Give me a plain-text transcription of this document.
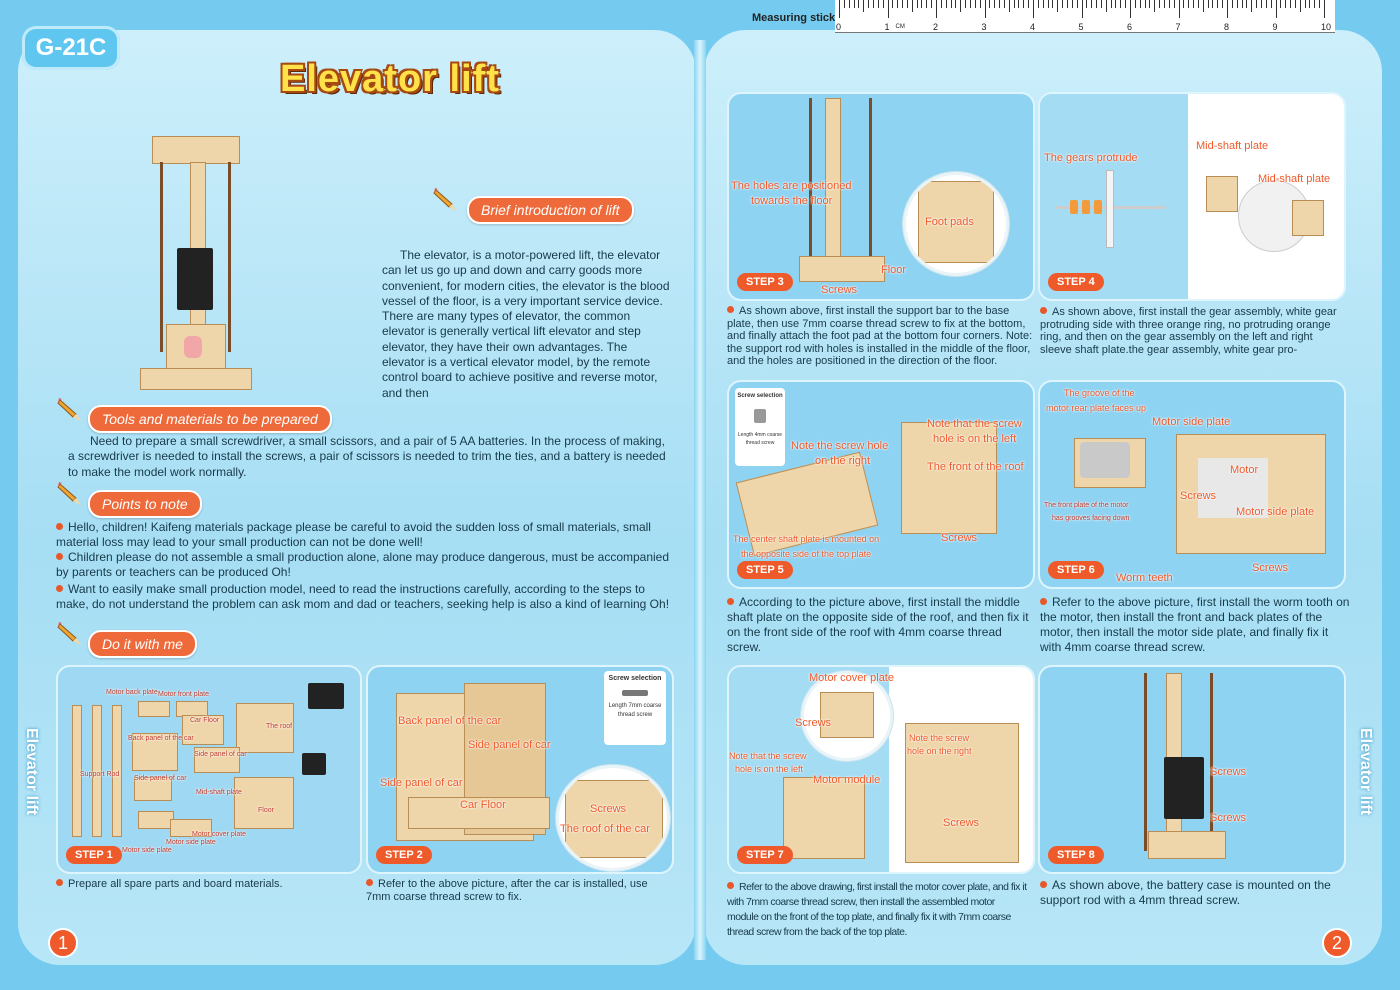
Measuring stick
0	1	2	3	4	5	6	7	8	9	10
CM
G-21C
Elevator lift
Elevator lift	Elevator lift
Brief introduction of lift
The elevator, is a motor-powered lift, the elevator can let us go up and down and carry goods more convenient, for modern cities, the elevator is the blood vessel of the floor, is a very important service device. There are many types of elevator, the common elevator is generally vertical lift elevator and step elevator, they have their own advantages. The elevator is a vertical elevator model, by the remote control board to achieve positive and reverse motor, and then
Tools and materials to be prepared
Need to prepare a small screwdriver, a small scissors, and a pair of 5 AA batteries. In the process of making, a screwdriver is needed to install the screws, a pair of scissors is needed to trim the ties, and a battery is needed to make the model work normally.
Points to note
Hello, children! Kaifeng materials package please be careful to avoid the sudden loss of small materials, small material loss may lead to your small production can not be done well!
Children please do not assemble a small production alone, alone may produce dangerous, must be accompanied by parents or teachers can be produced Oh!
Want to easily make small production model, need to read the instructions carefully, according to the steps to make, do not understand the problem can ask mom and dad or teachers, seeking help is also a kind of learning Oh!
Do it with me
Motor back plate Motor front plate
Car Floor
The roof
Back panel of the car
Side panel of car
Support Rod
Side panel of car
Mid-shaft plate
Floor
Motor cover plate
Motor side plate
Motor side plate
STEP 1
Prepare all spare parts and board materials.
Screw selection
Length 7mm coarse thread screw
Back panel of the car
Side panel of car
Side panel of car
Car Floor	Screws
The roof of the car
STEP 2
Refer to the above picture, after the car is installed, use 7mm coarse thread screw to fix.
The holes are positioned
towards the floor
Foot pads
Floor
Screws
STEP 3
As shown above, first install the support bar to the base plate, then use 7mm coarse thread screw to fix at the bottom, and finally attach the foot pad at the bottom four corners. Note: the support rod with holes is installed in the middle of the floor, and the holes are positioned in the direction of the floor.
The gears protrude
Mid-shaft plate
Mid-shaft plate
STEP 4
As shown above, first install the gear assembly, white gear protruding side with three orange ring, no protruding orange ring, and then on the gear assembly on the left and right sleeve shaft plate.the gear assembly, white gear pro-
Screw selection
Length 4mm coarse thread screw	Note the screw hole
on the right
Note that the screw
hole is on the left
The front of the roof
The center shaft plate is mounted on
the opposite side of the top plate
Screws
STEP 5
According to the picture above, first install the middle shaft plate on the opposite side of the roof, and then fix it on the front side of the roof with 4mm coarse thread screw.
The groove of the
motor rear plate faces up
Motor side plate
Motor
Screws
The front plate of the motor
has grooves facing down
Motor side plate
Screws
Worm teeth
STEP 6
Refer to the above picture, first install the worm tooth on the motor, then install the front and back plates of the motor, then install the motor side plate, and finally fix it with 4mm coarse thread screw.
Motor cover plate
Screws
Note that the screw
hole is on the left
Motor module
Note the screw
hole on the right
Screws
STEP 7
Refer to the above drawing, first install the motor cover plate, and fix it with 7mm coarse thread screw, then install the assembled motor module on the front of the top plate, and finally fix it with 7mm coarse thread screw from the back of the top plate.
Screws
Screws
STEP 8
As shown above, the battery case is mounted on the support rod with a 4mm thread screw.
1	2
